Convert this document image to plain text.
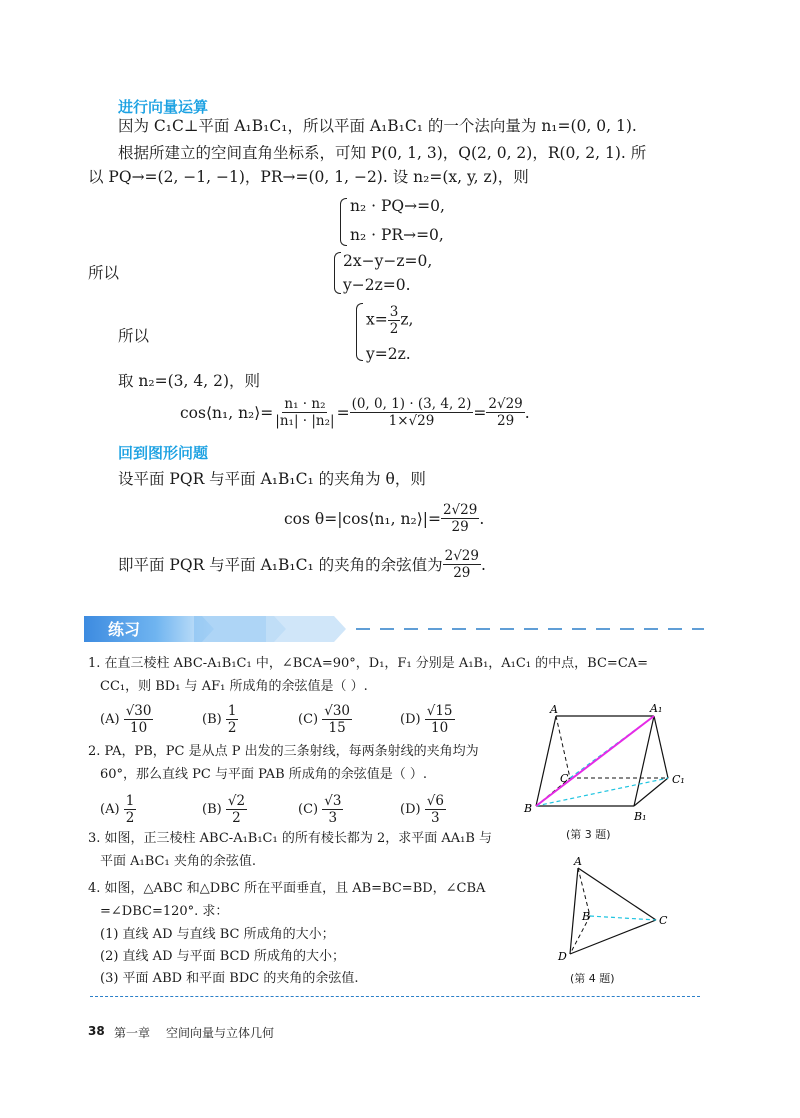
进行向量运算
因为 C₁C⊥平面 A₁B₁C₁，所以平面 A₁B₁C₁ 的一个法向量为 n₁=(0, 0, 1).
根据所建立的空间直角坐标系，可知 P(0, 1, 3)，Q(2, 0, 2)，R(0, 2, 1). 所
以 PQ→=(2, −1, −1)，PR→=(0, 1, −2). 设 n₂=(x, y, z)，则
n₂ · PQ→=0,
n₂ · PR→=0,
所以
2x−y−z=0,
y−2z=0.
所以
$x= \frac{3}{2} z$,
y=2z.
取 n₂=(3, 4, 2)，则
cos⟨n₁, n₂⟩= $\frac{\text{n₁ · n₂}}{\text{|n₁| · |n₂|}} = \frac{(0, 0, 1) \cdot (3, 4, 2)}{1\times√29} = \frac{2√29}{29}$ .
回到图形问题
设平面 PQR 与平面 A₁B₁C₁ 的夹角为 θ，则
cos θ=|cos⟨n₁, n₂⟩|= $\frac{2√29}{29}$ .
即平面 PQR 与平面 A₁B₁C₁ 的夹角的余弦值为 $\frac{2√29}{29}$ .
练习
1. 在直三棱柱 ABC-A₁B₁C₁ 中，∠BCA=90°，D₁，F₁ 分别是 A₁B₁，A₁C₁ 的中点，BC=CA=
CC₁，则 BD₁ 与 AF₁ 所成角的余弦值是（ ）.
(A)
$\frac{√30}{10}$	(B)
$\frac{1}{2}$	(C)
$\frac{√30}{15}$	(D)
$\frac{√15}{10}$
2. PA，PB，PC 是从点 P 出发的三条射线，每两条射线的夹角均为
60°，那么直线 PC 与平面 PAB 所成角的余弦值是（ ）.
(A)
$\frac{1}{2}$	(B)
$\frac{√2}{2}$	(C)
$\frac{√3}{3}$	(D)
$\frac{√6}{3}$
3. 如图，正三棱柱 ABC-A₁B₁C₁ 的所有棱长都为 2，求平面 AA₁B 与
平面 A₁BC₁ 夹角的余弦值.
4. 如图，△ABC 和△DBC 所在平面垂直，且 AB=BC=BD，∠CBA
=∠DBC=120°. 求：
(1) 直线 AD 与直线 BC 所成角的大小；
(2) 直线 AD 与平面 BCD 所成角的大小；
(3) 平面 ABD 和平面 BDC 的夹角的余弦值.
A	A₁
C	C₁
B
B₁
(第 3 题)
A
B	C
D
(第 4 题)
38 第一章 空间向量与立体几何
